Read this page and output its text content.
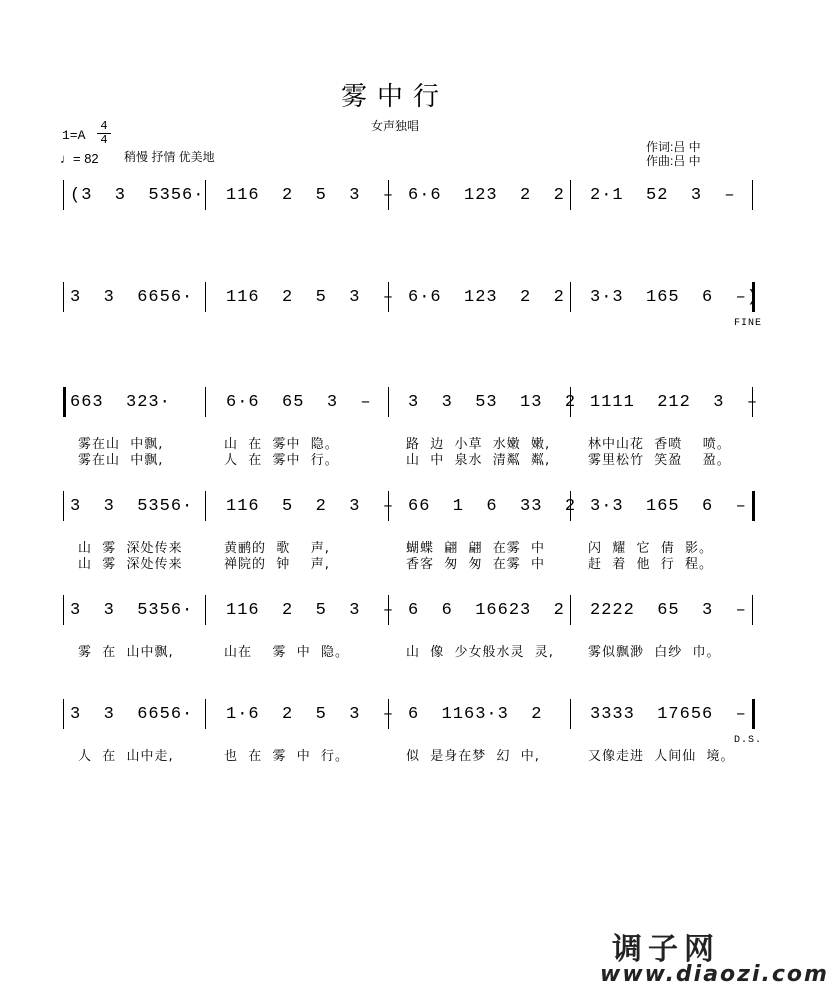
雾中行
女声独唱
1=A
4
4
♩= 82 稍慢 抒情 优美地
作词:吕 中
作曲:吕 中
(3  3  5356· 116  2  5  3  – 6·6  123  2  2 2·1  52  3  –
3  3  6656· 116  2  5  3  – 6·6  123  2  2 3·3  165  6  –)
FINE
663  323·	6·6  65  3  – 3  3  53  13  2 1111  212  3  –
雾在山  中飘,	山  在  雾中  隐。	路  边  小草  水嫩  嫩,	林中山花  香喷    喷。
雾在山  中飘,	人  在  雾中  行。	山  中  泉水  清粼  粼,	雾里松竹  笑盈    盈。
3  3  5356· 116  5  2  3  – 66  1  6  33  2 3·3  165  6  –
山  雾  深处传来	黄鹂的  歌    声,	蝴蝶  翩  翩  在雾  中	闪  耀  它  倩  影。
山  雾  深处传来	禅院的  钟    声,	香客  匆  匆  在雾  中	赶  着  他  行  程。
3  3  5356· 116  2  5  3  – 6  6  16623  2 2222  65  3  –
雾  在  山中飘,	山在    雾  中  隐。	山  像  少女般水灵  灵,	雾似飘渺  白纱  巾。
3  3  6656· 1·6  2  5  3  – 6  1163·3  2	3333  17656  –
人  在  山中走,	也  在  雾  中  行。	似  是身在梦  幻  中,	又像走进  人间仙  境。
D.S.
调子网
www.diaozi.com
